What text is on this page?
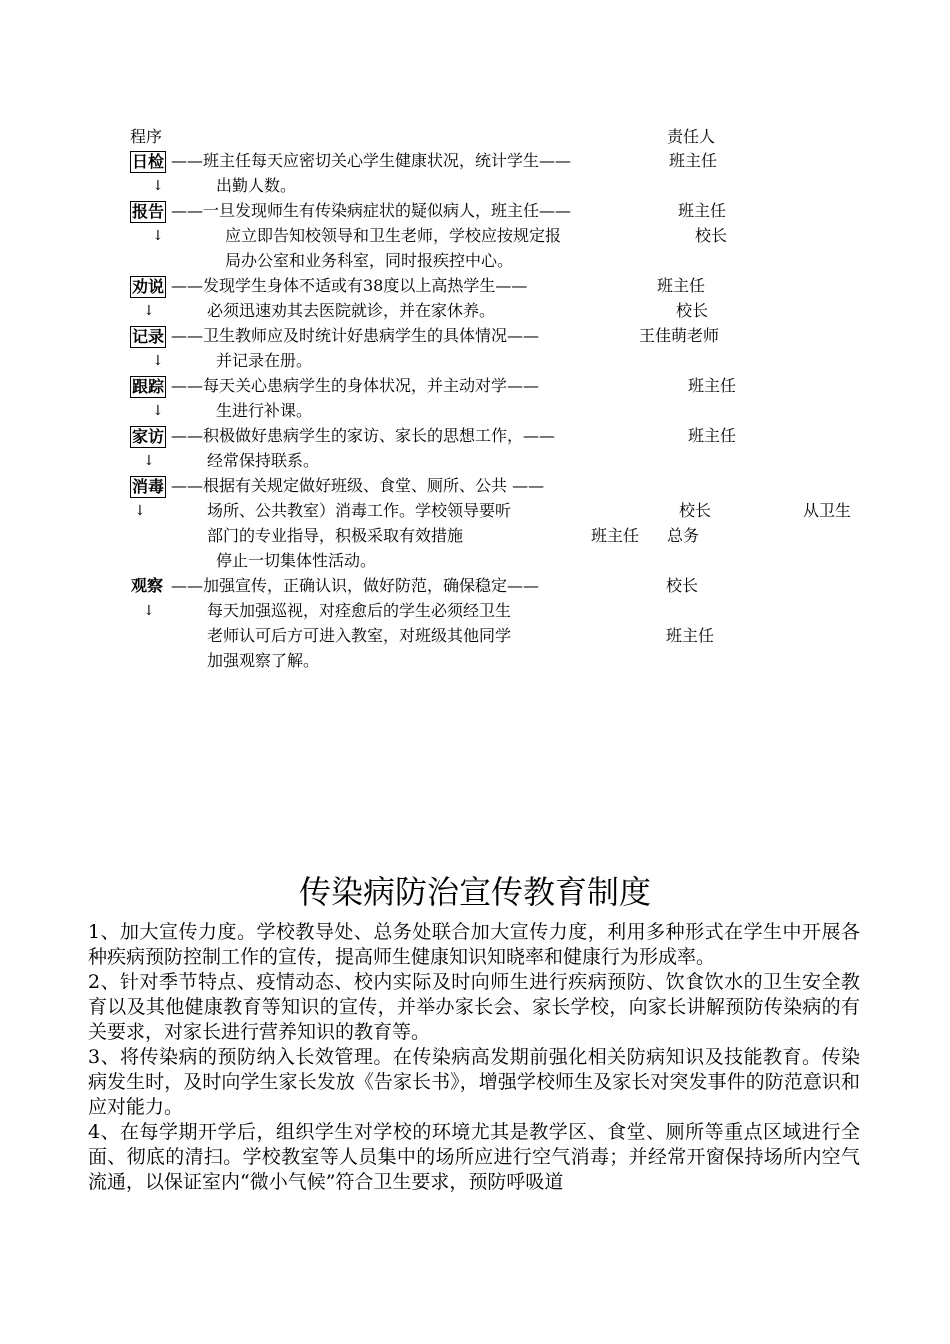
程序	责任人
日检 ——班主任每天应密切关心学生健康状况，统计学生——	班主任
↓	出勤人数。
报告 ——一旦发现师生有传染病症状的疑似病人，班主任——	班主任
↓	应立即告知校领导和卫生老师，学校应按规定报	校长
局办公室和业务科室，同时报疾控中心。
劝说 ——发现学生身体不适或有38度以上高热学生——	班主任
↓	必须迅速劝其去医院就诊，并在家休养。	校长
记录 ——卫生教师应及时统计好患病学生的具体情况——	王佳萌老师
↓	并记录在册。
跟踪 ——每天关心患病学生的身体状况，并主动对学——	班主任
↓	生进行补课。
家访 ——积极做好患病学生的家访、家长的思想工作，——	班主任
↓	经常保持联系。
消毒 ——根据有关规定做好班级、食堂、厕所、公共 ——
↓	场所、公共教室）消毒工作。学校领导要听	校长	从卫生
部门的专业指导，积极采取有效措施	班主任 总务
停止一切集体性活动。
观察 ——加强宣传，正确认识，做好防范，确保稳定——	校长
↓	每天加强巡视，对痊愈后的学生必须经卫生
老师认可后方可进入教室，对班级其他同学	班主任
加强观察了解。
传染病防治宣传教育制度

1、加大宣传力度。学校教导处、总务处联合加大宣传力度，利用多种形式在学生中开展各种疾病预防控制工作的宣传，提高师生健康知识知晓率和健康行为形成率。

2、针对季节特点、疫情动态、校内实际及时向师生进行疾病预防、饮食饮水的卫生安全教育以及其他健康教育等知识的宣传，并举办家长会、家长学校，向家长讲解预防传染病的有关要求，对家长进行营养知识的教育等。

3、将传染病的预防纳入长效管理。在传染病高发期前强化相关防病知识及技能教育。传染病发生时，及时向学生家长发放《告家长书》，增强学校师生及家长对突发事件的防范意识和应对能力。

4、在每学期开学后，组织学生对学校的环境尤其是教学区、食堂、厕所等重点区域进行全面、彻底的清扫。学校教室等人员集中的场所应进行空气消毒；并经常开窗保持场所内空气流通，以保证室内“微小气候”符合卫生要求，预防呼吸道
